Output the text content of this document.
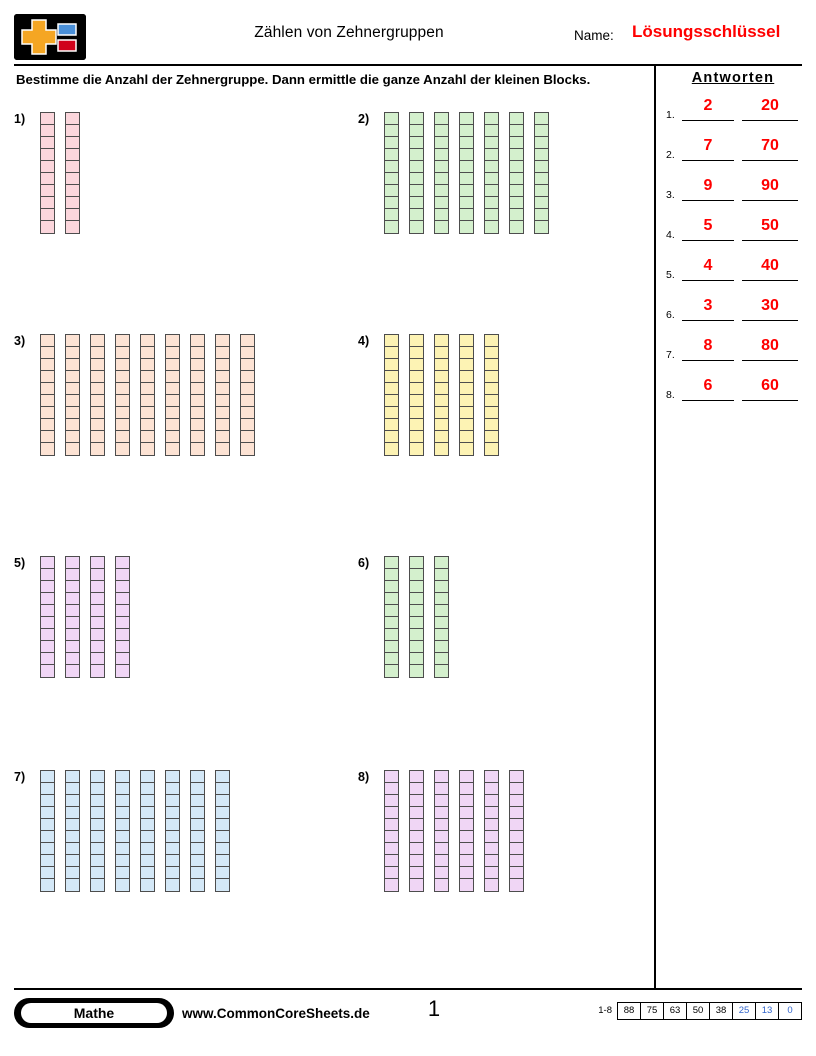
Zählen von Zehnergruppen	Name: Lösungsschlüssel
Bestimme die Anzahl der Zehnergruppe. Dann ermittle die ganze Anzahl der kleinen Blocks.
1)	2)
3)	4)
5)	6)
7)	8)
Antworten
1.
2	20
2.
7	70
3.
9	90
4.
5	50
5.
4	40
6.
3	30
7.
8	80
8.
6	60
Mathe	www.CommonCoreSheets.de	1	1-8	88	75	63	50	38	25	13	0
